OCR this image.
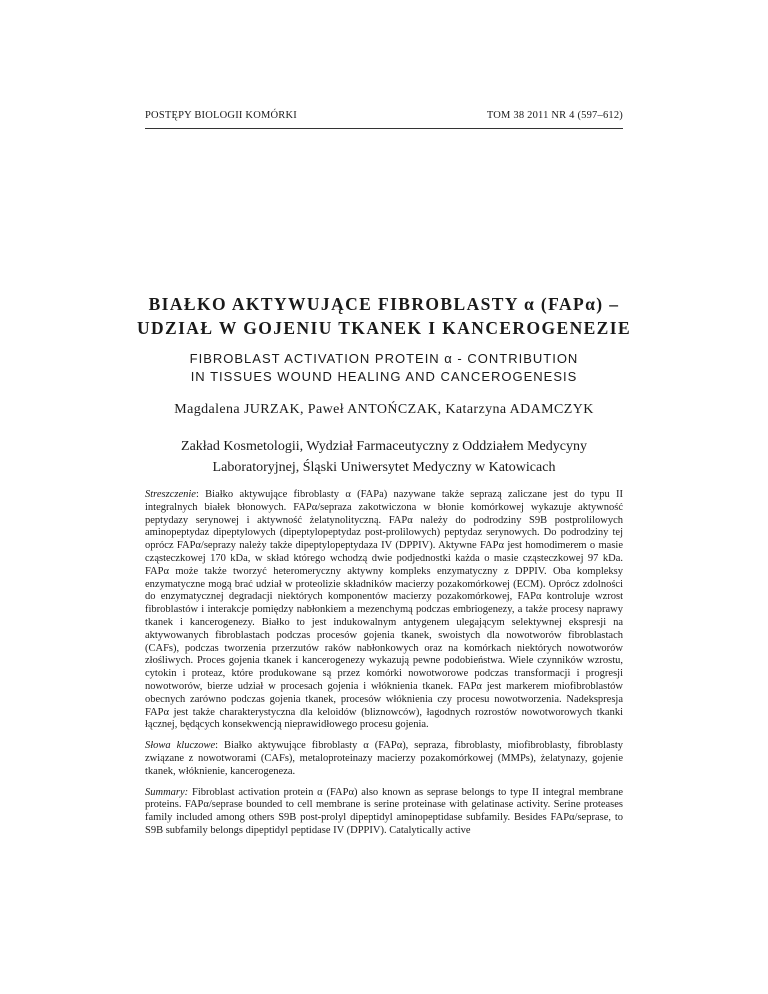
POSTĘPY BIOLOGII KOMÓRKI	TOM 38 2011 NR 4 (597–612)
BIAŁKO AKTYWUJĄCE FIBROBLASTY α (FAPα) –
UDZIAŁ W GOJENIU TKANEK I KANCEROGENEZIE
FIBROBLAST ACTIVATION PROTEIN α - CONTRIBUTION
IN TISSUES WOUND HEALING AND CANCEROGENESIS
Magdalena JURZAK, Paweł ANTOŃCZAK, Katarzyna ADAMCZYK
Zakład Kosmetologii, Wydział Farmaceutyczny z Oddziałem Medycyny
Laboratoryjnej, Śląski Uniwersytet Medyczny w Katowicach

Streszczenie: Białko aktywujące fibroblasty α (FAPa) nazywane także seprazą zaliczane jest do typu II integralnych białek błonowych. FAPα/sepraza zakotwiczona w błonie komórkowej wykazuje aktywność peptydazy serynowej i aktywność żelatynolityczną. FAPα należy do podrodziny S9B postprolilowych aminopeptydaz dipeptylowych (dipeptylopeptydaz post-prolilowych) peptydaz serynowych. Do podrodziny tej oprócz FAPα/seprazy należy także dipeptylopeptydaza IV (DPPIV). Aktywne FAPα jest homodimerem o masie cząsteczkowej 170 kDa, w skład którego wchodzą dwie podjednostki każda o masie cząsteczkowej 97 kDa. FAPα może także tworzyć heteromeryczny aktywny kompleks enzymatyczny z DPPIV. Oba kompleksy enzymatyczne mogą brać udział w proteolizie składników macierzy pozakomórkowej (ECM). Oprócz zdolności do enzymatycznej degradacji niektórych komponentów macierzy pozakomórkowej, FAPα kontroluje wzrost fibroblastów i interakcje pomiędzy nabłonkiem a mezenchymą podczas embriogenezy, a także procesy naprawy tkanek i kancerogenezy. Białko to jest indukowalnym antygenem ulegającym selektywnej ekspresji na aktywowanych fibroblastach podczas procesów gojenia tkanek, swoistych dla nowotworów fibroblastach (CAFs), podczas tworzenia przerzutów raków nabłonkowych oraz na komórkach niektórych nowotworów złośliwych. Proces gojenia tkanek i kancerogenezy wykazują pewne podobieństwa. Wiele czynników wzrostu, cytokin i proteaz, które produkowane są przez komórki nowotworowe podczas transformacji i progresji nowotworów, bierze udział w procesach gojenia i włóknienia tkanek. FAPα jest markerem miofibroblastów obecnych zarówno podczas gojenia tkanek, procesów włóknienia czy procesu nowotworzenia. Nadekspresja FAPα jest także charakterystyczna dla keloidów (bliznowców), łagodnych rozrostów nowotworowych tkanki łącznej, będących konsekwencją nieprawidłowego procesu gojenia.

Słowa kluczowe: Białko aktywujące fibroblasty α (FAPα), sepraza, fibroblasty, miofibroblasty, fibroblasty związane z nowotworami (CAFs), metaloproteinazy macierzy pozakomórkowej (MMPs), żelatynazy, gojenie tkanek, włóknienie, kancerogeneza.

Summary: Fibroblast activation protein α (FAPα) also known as seprase belongs to type II integral membrane proteins. FAPα/seprase bounded to cell membrane is serine proteinase with gelatinase activity. Serine proteases family included among others S9B post-prolyl dipeptidyl aminopeptidase subfamily. Besides FAPα/seprase, to S9B subfamily belongs dipeptidyl peptidase IV (DPPIV). Catalytically active
